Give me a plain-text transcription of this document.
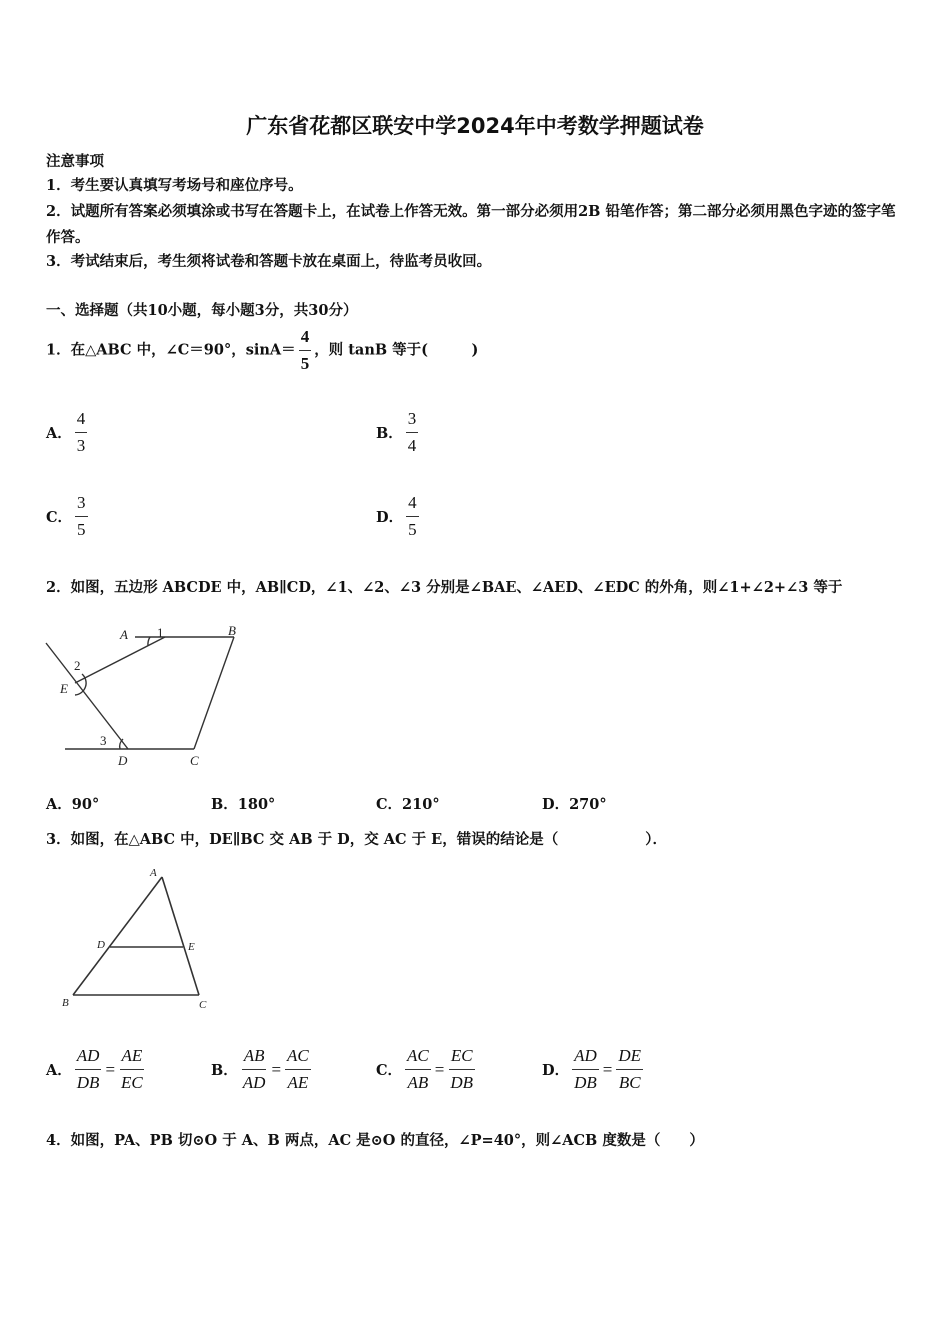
广东省花都区联安中学2024年中考数学押题试卷
注意事项
1．考生要认真填写考场号和座位序号。
2．试题所有答案必须填涂或书写在答题卡上，在试卷上作答无效。第一部分必须用2B 铅笔作答；第二部分必须用黑色字迹的签字笔作答。
3．考试结束后，考生须将试卷和答题卡放在桌面上，待监考员收回。
一、选择题（共10小题，每小题3分，共30分）
1．在△ABC 中，∠C＝90°，$\sin A= \frac{4}{5}$ ，则 tanB 等于(　　　)
A． $\frac{4}{3}$	B． $\frac{3}{4}$
C． $\frac{3}{5}$	D． $\frac{4}{5}$
2．如图，五边形 ABCDE 中，AB∥CD，∠1、∠2、∠3 分别是∠BAE、∠AED、∠EDC 的外角，则∠1+∠2+∠3 等于
A	B
C
D
E
1
2
3
A．90°	B．180°	C．210°	D．270°
3．如图，在△ABC 中，DE∥BC 交 AB 于 D，交 AC 于 E，错误的结论是（　　　　　　）．
A
B	C
D	E
A． $\frac{AD}{DB} = \frac{AE}{EC}$	B． $\frac{AB}{AD} = \frac{AC}{AE}$	C． $\frac{AC}{AB} = \frac{EC}{DB}$	D． $\frac{AD}{DB} = \frac{DE}{BC}$
4．如图，PA、PB 切⊙O 于 A、B 两点，AC 是⊙O 的直径，∠P=40°，则∠ACB 度数是（　　）
